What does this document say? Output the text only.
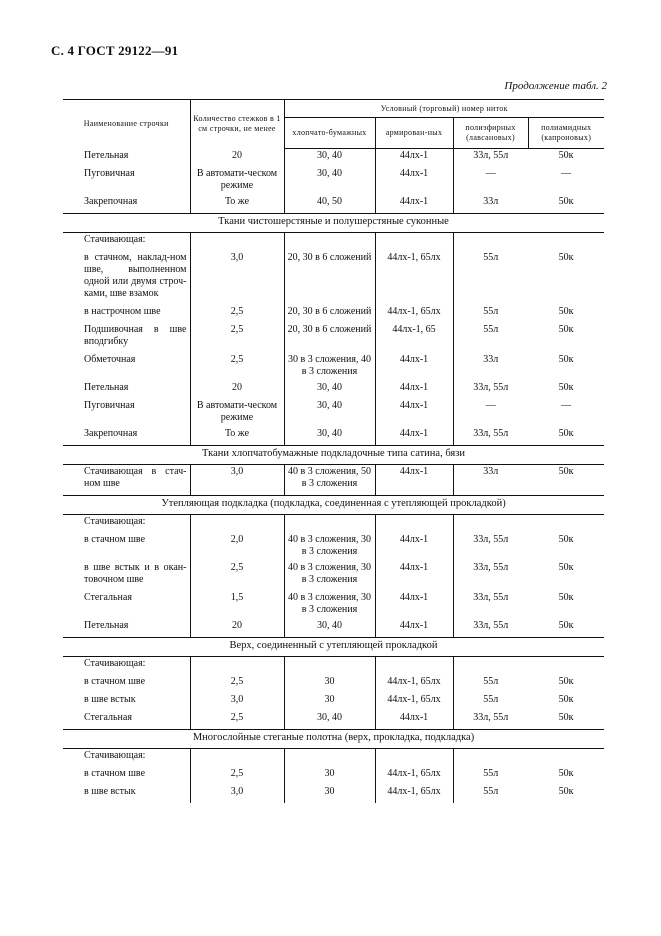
С. 4 ГОСТ 29122—91
Продолжение табл. 2
Наименование строчки	Количество стежков в 1 см строчки, не менее	Условный (торговый) номер ниток			
		хлопчато-бумажных	армирован-ных	полиэфирных (лавсановых)	полиамидных (капроновых)
Петельная	20	30, 40	44лх-1	33л, 55л	50к
Пуговичная	В автомати-ческом режиме	30, 40	44лх-1	—	—
Закрепочная	То же	40, 50	44лх-1	33л	50к
Ткани чистошерстяные и полушерстяные суконные					
Стачивающая:					
в стачном, наклад-ном шве, выполненном одной или двумя строч-ками, шве взамок	3,0	20, 30 в 6 сложений	44лх-1, 65лх	55л	50к
в настрочном шве	2,5	20, 30 в 6 сложений	44лх-1, 65лх	55л	50к
Подшивочная в шве вподгибку	2,5	20, 30 в 6 сложений	44лх-1, 65	55л	50к
Обметочная	2,5	30 в 3 сложения, 40 в 3 сложения	44лх-1	33л	50к
Петельная	20	30, 40	44лх-1	33л, 55л	50к
Пуговичная	В автомати-ческом режиме	30, 40	44лх-1	—	—
Закрепочная	То же	30, 40	44лх-1	33л, 55л	50к
Ткани хлопчатобумажные подкладочные типа сатина, бязи					
Стачивающая в стач-ном шве	3,0	40 в 3 сложения, 50 в 3 сложения	44лх-1	33л	50к
Утепляющая подкладка (подкладка, соединенная с утепляющей прокладкой)					
Стачивающая:					
в стачном шве	2,0	40 в 3 сложения, 30 в 3 сложения	44лх-1	33л, 55л	50к
в шве встык и в окан-товочном шве	2,5	40 в 3 сложения, 30 в 3 сложения	44лх-1	33л, 55л	50к
Стегальная	1,5	40 в 3 сложения, 30 в 3 сложения	44лх-1	33л, 55л	50к
Петельная	20	30, 40	44лх-1	33л, 55л	50к
Верх, соединенный с утепляющей прокладкой					
Стачивающая:					
в стачном шве	2,5	30	44лх-1, 65лх	55л	50к
в шве встык	3,0	30	44лх-1, 65лх	55л	50к
Стегальная	2,5	30, 40	44лх-1	33л, 55л	50к
Многослойные стеганые полотна (верх, прокладка, подкладка)					
Стачивающая:					
в стачном шве	2,5	30	44лх-1, 65лх	55л	50к
в шве встык	3,0	30	44лх-1, 65лх	55л	50к
